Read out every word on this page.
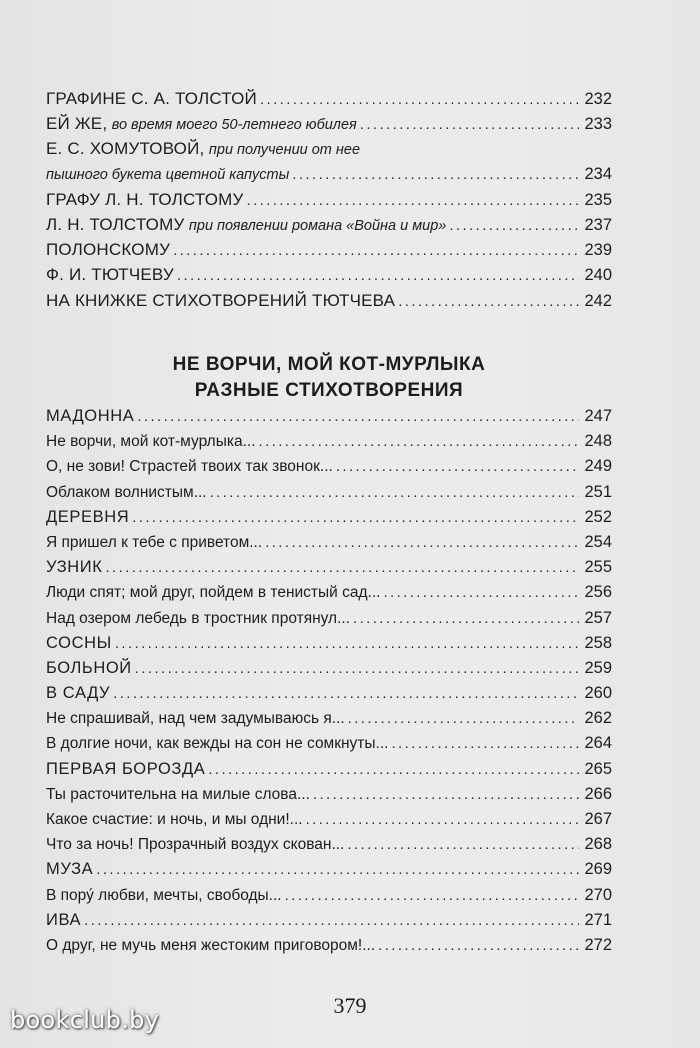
ГРАФИНЕ С. А. ТОЛСТОЙ .....	232
ЕЙ ЖЕ,
во время моего 50-летнего юбилея .....	233
Е. С. ХОМУТОВОЙ, при получении от нее
пышного букета цветной капусты .....	234
ГРАФУ Л. Н. ТОЛСТОМУ .....	235
Л. Н. ТОЛСТОМУ
при появлении романа «Война и мир» .....	237
ПОЛОНСКОМУ .....	239
Ф. И. ТЮТЧЕВУ .....	240
НА КНИЖКЕ СТИХОТВОРЕНИЙ ТЮТЧЕВА .....	242
НЕ ВОРЧИ, МОЙ КОТ-МУРЛЫКА
РАЗНЫЕ СТИХОТВОРЕНИЯ
МАДОННА .....	247
Не ворчи, мой кот-мурлыка... .....	248
О, не зови! Страстей твоих так звонок... .....	249
Облаком волнистым... .....	251
ДЕРЕВНЯ .....	252
Я пришел к тебе с приветом... .....	254
УЗНИК .....	255
Люди спят; мой друг, пойдем в тенистый сад... .....	256
Над озером лебедь в тростник протянул... .....	257
СОСНЫ .....	258
БОЛЬНОЙ .....	259
В САДУ .....	260
Не спрашивай, над чем задумываюсь я... .....	262
В долгие ночи, как вежды на сон не сомкнуты... .....	264
ПЕРВАЯ БОРОЗДА .....	265
Ты расточительна на милые слова... .....	266
Какое счастие: и ночь, и мы одни!... .....	267
Что за ночь! Прозрачный воздух скован... .....	268
МУЗА .....	269
В пору́ любви, мечты, свободы... .....	270
ИВА .....	271
О друг, не мучь меня жестоким приговором!... .....	272
379
bookclub.by
